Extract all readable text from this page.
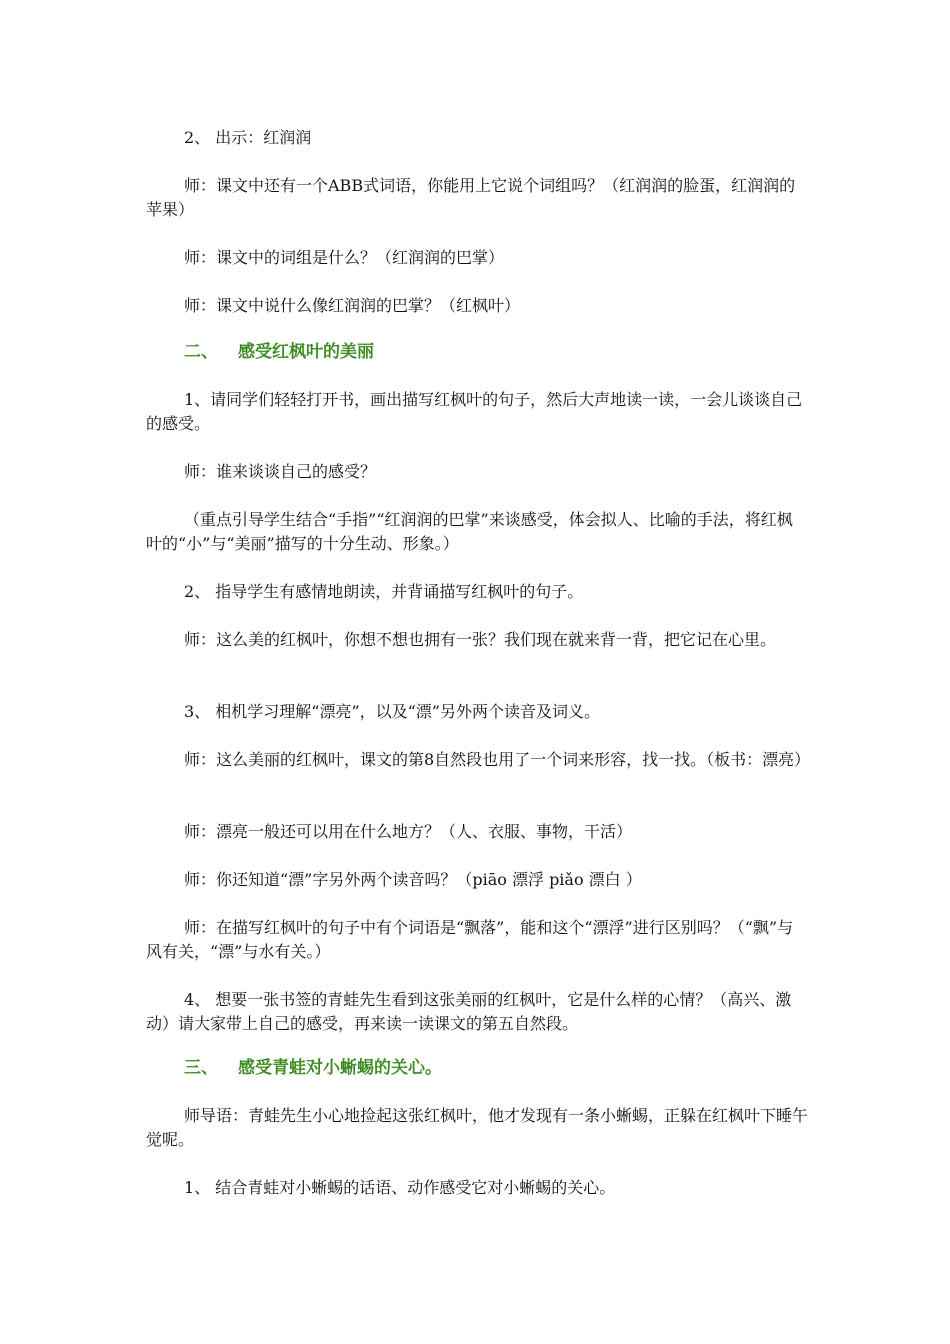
2、 出示：红润润

师：课文中还有一个ABB式词语，你能用上它说个词组吗？（红润润的脸蛋，红润润的苹果）

师：课文中的词组是什么？（红润润的巴掌）

师：课文中说什么像红润润的巴掌？（红枫叶）

二、 感受红枫叶的美丽

1、请同学们轻轻打开书，画出描写红枫叶的句子，然后大声地读一读，一会儿谈谈自己的感受。

师：谁来谈谈自己的感受？

（重点引导学生结合“手指”“红润润的巴掌”来谈感受，体会拟人、比喻的手法，将红枫叶的“小”与“美丽”描写的十分生动、形象。）

2、 指导学生有感情地朗读，并背诵描写红枫叶的句子。

师：这么美的红枫叶，你想不想也拥有一张？我们现在就来背一背，把它记在心里。

3、 相机学习理解“漂亮”，以及“漂”另外两个读音及词义。

师：这么美丽的红枫叶，课文的第8自然段也用了一个词来形容，找一找。（板书：漂亮）

师：漂亮一般还可以用在什么地方？（人、衣服、事物，干活）

师：你还知道“漂”字另外两个读音吗？（piāo 漂浮 piǎo 漂白 ）

师：在描写红枫叶的句子中有个词语是“飘落”，能和这个“漂浮”进行区别吗？（“飘”与风有关，“漂”与水有关。）

4、 想要一张书签的青蛙先生看到这张美丽的红枫叶，它是什么样的心情？（高兴、激动）请大家带上自己的感受，再来读一读课文的第五自然段。

三、 感受青蛙对小蜥蜴的关心。

师导语：青蛙先生小心地捡起这张红枫叶，他才发现有一条小蜥蜴，正躲在红枫叶下睡午觉呢。

1、 结合青蛙对小蜥蜴的话语、动作感受它对小蜥蜴的关心。
